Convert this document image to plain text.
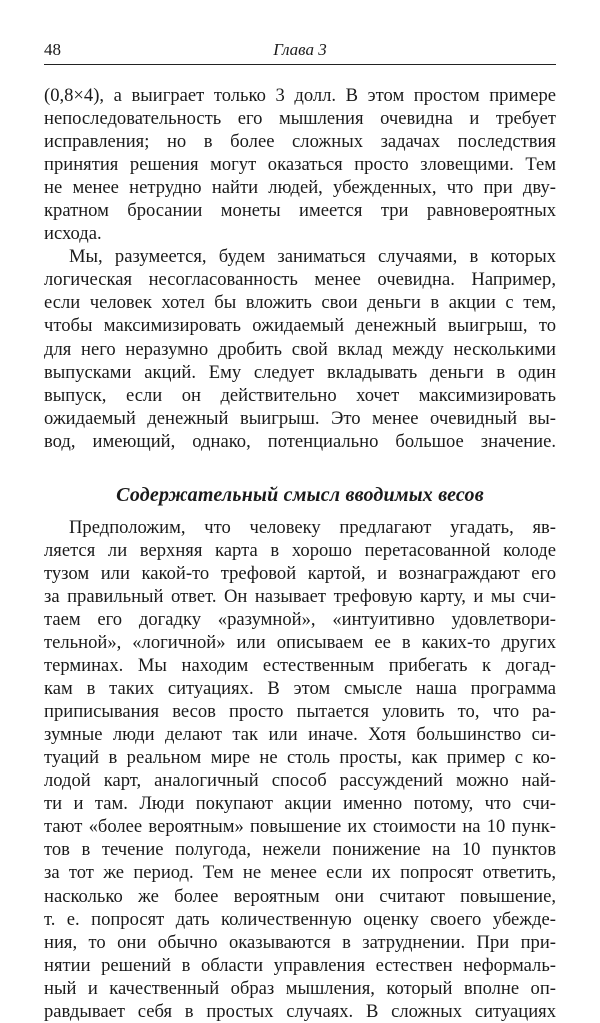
48	Глава 3
(0,8×4), а выиграет только 3 долл. В этом простом примере
непоследовательность его мышления очевидна и требует
исправления; но в более сложных задачах последствия
принятия решения могут оказаться просто зловещими. Тем
не менее нетрудно найти людей, убежденных, что при дву-
кратном бросании монеты имеется три равновероятных
исхода.
Мы, разумеется, будем заниматься случаями, в которых
логическая несогласованность менее очевидна. Например,
если человек хотел бы вложить свои деньги в акции с тем,
чтобы максимизировать ожидаемый денежный выигрыш, то
для него неразумно дробить свой вклад между несколькими
выпусками акций. Ему следует вкладывать деньги в один
выпуск, если он действительно хочет максимизировать
ожидаемый денежный выигрыш. Это менее очевидный вы-
вод, имеющий, однако, потенциально большое значение.
Содержательный смысл вводимых весов
Предположим, что человеку предлагают угадать, яв-
ляется ли верхняя карта в хорошо перетасованной колоде
тузом или какой-то трефовой картой, и вознаграждают его
за правильный ответ. Он называет трефовую карту, и мы счи-
таем его догадку «разумной», «интуитивно удовлетвори-
тельной», «логичной» или описываем ее в каких-то других
терминах. Мы находим естественным прибегать к догад-
кам в таких ситуациях. В этом смысле наша программа
приписывания весов просто пытается уловить то, что ра-
зумные люди делают так или иначе. Хотя большинство си-
туаций в реальном мире не столь просты, как пример с ко-
лодой карт, аналогичный способ рассуждений можно най-
ти и там. Люди покупают акции именно потому, что счи-
тают «более вероятным» повышение их стоимости на 10 пунк-
тов в течение полугода, нежели понижение на 10 пунктов
за тот же период. Тем не менее если их попросят ответить,
насколько же более вероятным они считают повышение,
т. е. попросят дать количественную оценку своего убежде-
ния, то они обычно оказываются в затруднении. При при-
нятии решений в области управления естествен неформаль-
ный и качественный образ мышления, который вполне оп-
равдывает себя в простых случаях. В сложных ситуациях
